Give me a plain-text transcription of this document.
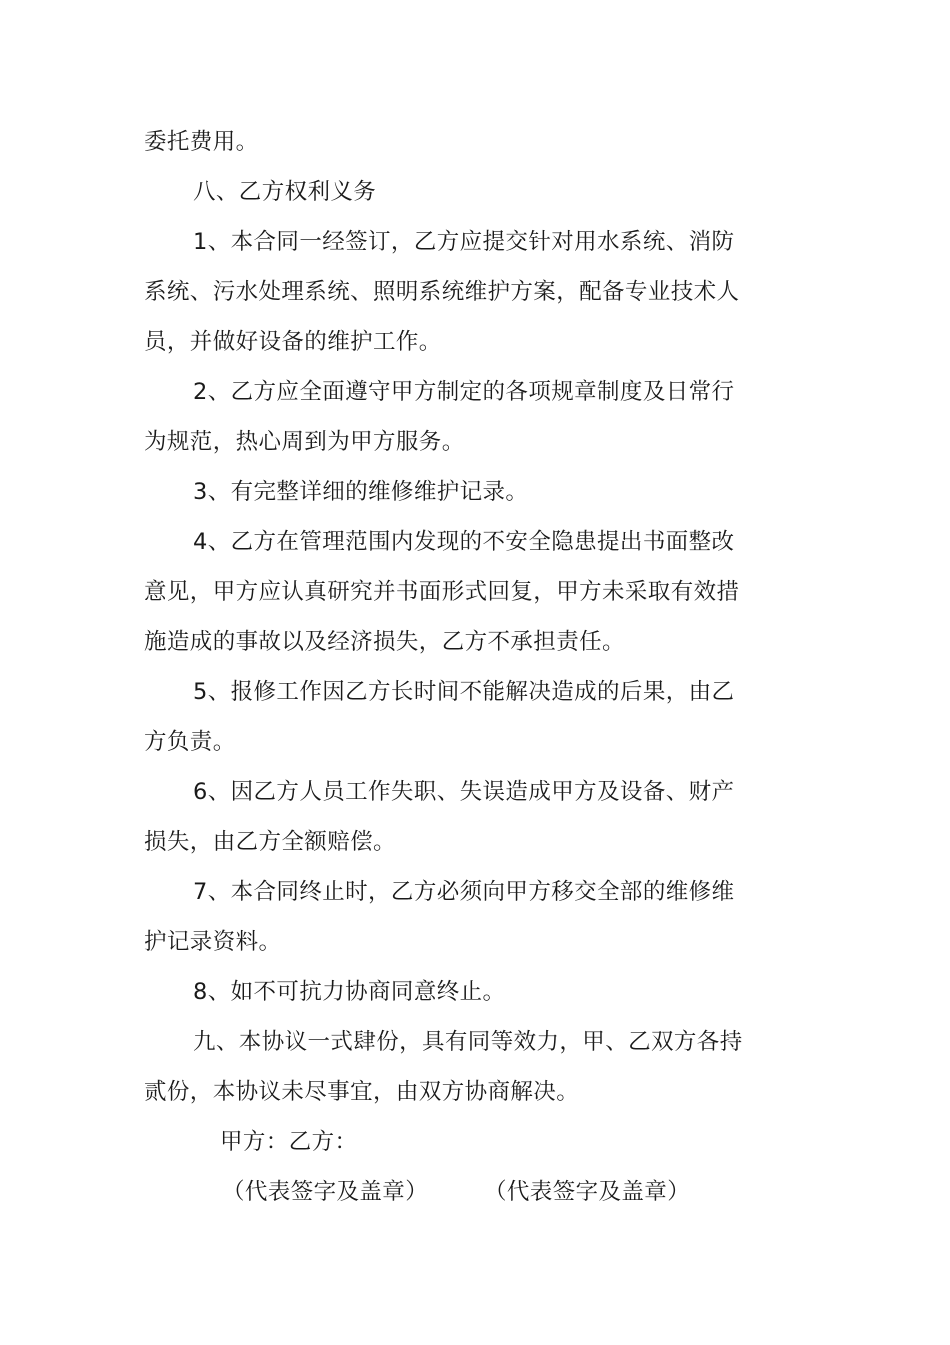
委托费用。
八、乙方权利义务
1、本合同一经签订，乙方应提交针对用水系统、消防
系统、污水处理系统、照明系统维护方案，配备专业技术人
员，并做好设备的维护工作。
2、乙方应全面遵守甲方制定的各项规章制度及日常行
为规范，热心周到为甲方服务。
3、有完整详细的维修维护记录。
4、乙方在管理范围内发现的不安全隐患提出书面整改
意见，甲方应认真研究并书面形式回复，甲方未采取有效措
施造成的事故以及经济损失，乙方不承担责任。
5、报修工作因乙方长时间不能解决造成的后果，由乙
方负责。
6、因乙方人员工作失职、失误造成甲方及设备、财产
损失，由乙方全额赔偿。
7、本合同终止时，乙方必须向甲方移交全部的维修维
护记录资料。
8、如不可抗力协商同意终止。
九、本协议一式肆份，具有同等效力，甲、乙双方各持
贰份，本协议未尽事宜，由双方协商解决。
甲方：乙方：
（代表签字及盖章） （代表签字及盖章）
